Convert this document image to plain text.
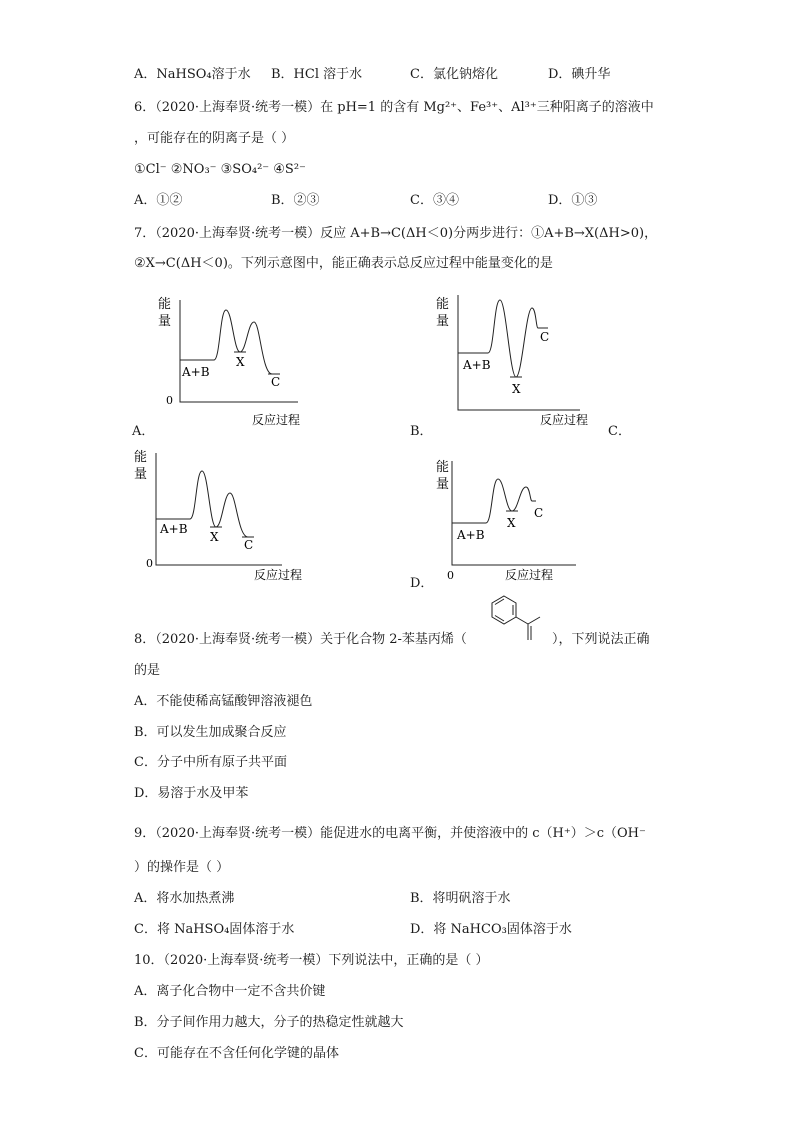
A．NaHSO₄溶于水 B．HCl 溶于水	C．氯化钠熔化	D．碘升华
6．（2020·上海奉贤·统考一模）在 pH=1 的含有 Mg²⁺、Fe³⁺、Al³⁺三种阳离子的溶液中
，可能存在的阴离子是（ ）
①Cl⁻ ②NO₃⁻ ③SO₄²⁻ ④S²⁻
A．①②	B．②③	C．③④	D．①③
7．（2020·上海奉贤·统考一模）反应 A+B→C(ΔH＜0)分两步进行：①A+B→X(ΔH>0)，
②X→C(ΔH＜0)。下列示意图中，能正确表示总反应过程中能量变化的是
能
量
A+B
X
C
0
反应过程
A．
能
量
A+B
X
C
反应过程
B．	C．
能
量
A+B
X
C
0
反应过程
能
量
A+B
X
C
0	反应过程
D．
8．（2020·上海奉贤·统考一模）关于化合物 2-苯基丙烯（	），下列说法正确
的是
A．不能使稀高锰酸钾溶液褪色
B．可以发生加成聚合反应
C．分子中所有原子共平面
D．易溶于水及甲苯
9．（2020·上海奉贤·统考一模）能促进水的电离平衡，并使溶液中的 c（H⁺）＞c（OH⁻
）的操作是（ ）
A．将水加热煮沸	B．将明矾溶于水
C．将 NaHSO₄固体溶于水	D．将 NaHCO₃固体溶于水
10．（2020·上海奉贤·统考一模）下列说法中，正确的是（ ）
A．离子化合物中一定不含共价键
B．分子间作用力越大，分子的热稳定性就越大
C．可能存在不含任何化学键的晶体
